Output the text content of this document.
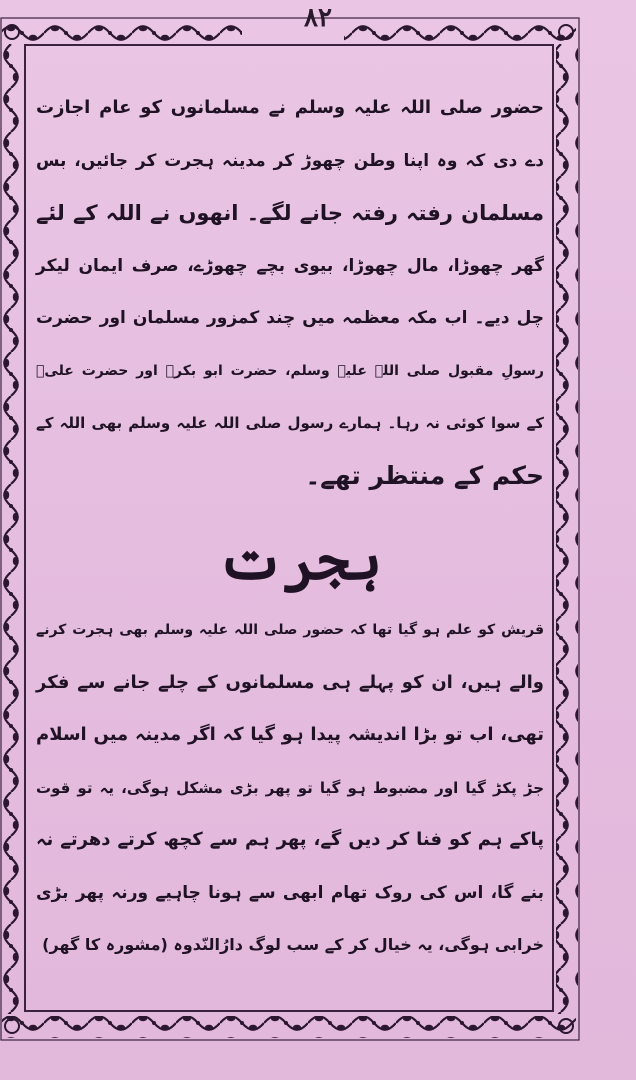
۸۲
حضور صلی اللہ علیہ وسلم نے مسلمانوں کو عام اجازت
دے دی کہ وہ اپنا وطن چھوڑ کر مدینہ ہجرت کر جائیں، بس
مسلمان رفتہ رفتہ جانے لگے۔ انھوں نے اللہ کے لئے
گھر چھوڑا، مال چھوڑا، بیوی بچے چھوڑے، صرف ایمان لیکر
چل دیے۔ اب مکہ معظمہ میں چند کمزور مسلمان اور حضرت
رسولِ مقبول صلی اللہ علیہ وسلم، حضرت ابو بکرؓ اور حضرت علیؓ
کے سوا کوئی نہ رہا۔ ہمارے رسول صلی اللہ علیہ وسلم بھی اللہ کے
حکم کے منتظر تھے۔
ہجرت
قریش کو علم ہو گیا تھا کہ حضور صلی اللہ علیہ وسلم بھی ہجرت کرنے
والے ہیں، ان کو پہلے ہی مسلمانوں کے چلے جانے سے فکر
تھی، اب تو بڑا اندیشہ پیدا ہو گیا کہ اگر مدینہ میں اسلام
جڑ پکڑ گیا اور مضبوط ہو گیا تو پھر بڑی مشکل ہوگی، یہ تو قوت
پاکے ہم کو فنا کر دیں گے، پھر ہم سے کچھ کرتے دھرتے نہ
بنے گا، اس کی روک تھام ابھی سے ہونا چاہیے ورنہ پھر بڑی
خرابی ہوگی، یہ خیال کر کے سب لوگ دارُالنّدوہ (مشورہ کا گھر)
